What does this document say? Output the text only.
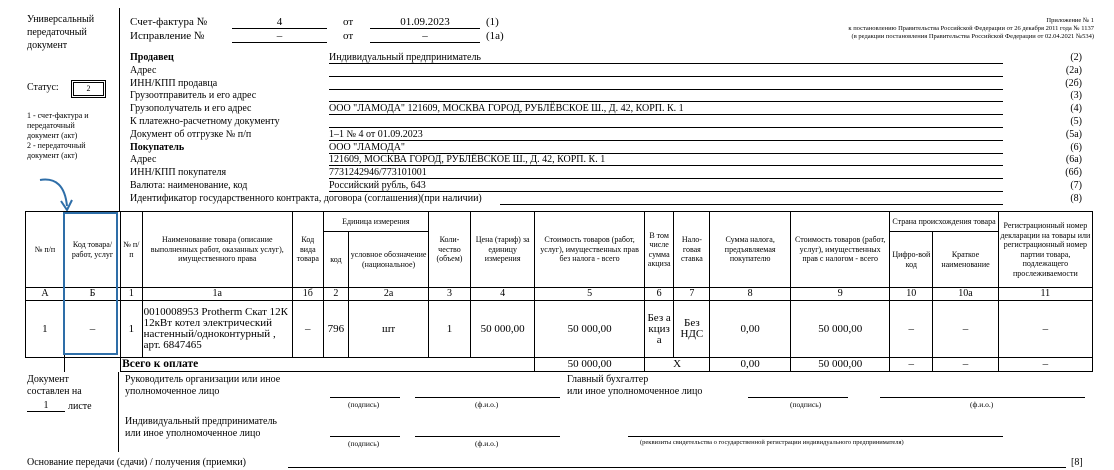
Универсальный
передаточный
документ
Статус:	2
1 - счет-фактура и
передаточный
документ (акт)
2 - передаточный
документ (акт)
Счет-фактура №	4	от	01.09.2023	(1)
Исправление №	–	от	–	(1а)
Приложение № 1
к постановлению Правительства Российской Федерации от 26 декабря 2011 года № 1137
(в редакции постановления Правительства Российской Федерации от 02.04.2021 №534)
Продавец	Индивидуальный предприниматель	(2)
Адрес	(2а)
ИНН/КПП продавца	(2б)
Грузоотправитель и его адрес	(3)
Грузополучатель и его адрес	ООО "ЛАМОДА" 121609, МОСКВА ГОРОД, РУБЛЁВСКОЕ Ш., Д. 42, КОРП. К. 1	(4)
К платежно-расчетному документу	(5)
Документ об отгрузке № п/п	1–1 № 4 от 01.09.2023	(5а)
Покупатель	ООО "ЛАМОДА"	(6)
Адрес	121609, МОСКВА ГОРОД, РУБЛЁВСКОЕ Ш., Д. 42, КОРП. К. 1	(6а)
ИНН/КПП покупателя	7731242946/773101001	(6б)
Валюта: наименование, код	Российский рубль, 643	(7)
Идентификатор государственного контракта, договора (соглашения)(при наличии)	(8)
№ п/п	Код товара/ работ, услуг	№ п/п	Наименование товара (описание выполненных работ, оказанных услуг), имущественного права	Код вида товара	Единица измерения		Коли-чество (объем)	Цена (тариф) за единицу измерения	Стоимость товаров (работ, услуг), имущественных прав без налога - всего	В том числе сумма акциза	Нало-говая ставка	Сумма налога, предъявляемая покупателю	Стоимость товаров (работ, услуг), имущественных прав с налогом - всего	Страна происхождения товара		Регистрационный номер декларации на товары или регистрационный номер партии товара, подлежащего прослеживаемости
					код	условное обозначение (национальное)								Цифро-вой код	Краткое наименование	
А	Б	1	1а	1б	2	2а	3	4	5	6	7	8	9	10	10а	11
1	–	1	0010008953 Protherm Скат 12К 12кВт котел электрический настенный/одноконтурный , арт. 6847465	–	796	шт	1	50 000,00	50 000,00	Без акциз а	Без НДС	0,00	50 000,00	–	–	–
		Всего к оплате							50 000,00	X		0,00	50 000,00	–	–	–
Документ
составлен на
1	листе
Руководитель организации или иное
уполномоченное лицо
(подпись)	(ф.и.о.)
Главный бухгалтер
или иное уполномоченное лицо
(подпись)	(ф.и.о.)
Индивидуальный предприниматель
или иное уполномоченное лицо
(подпись)	(ф.и.о.)	(реквизиты свидетельства о государственной регистрации индивидуального предпринимателя)
Основание передачи (сдачи) / получения (приемки)	[8]
